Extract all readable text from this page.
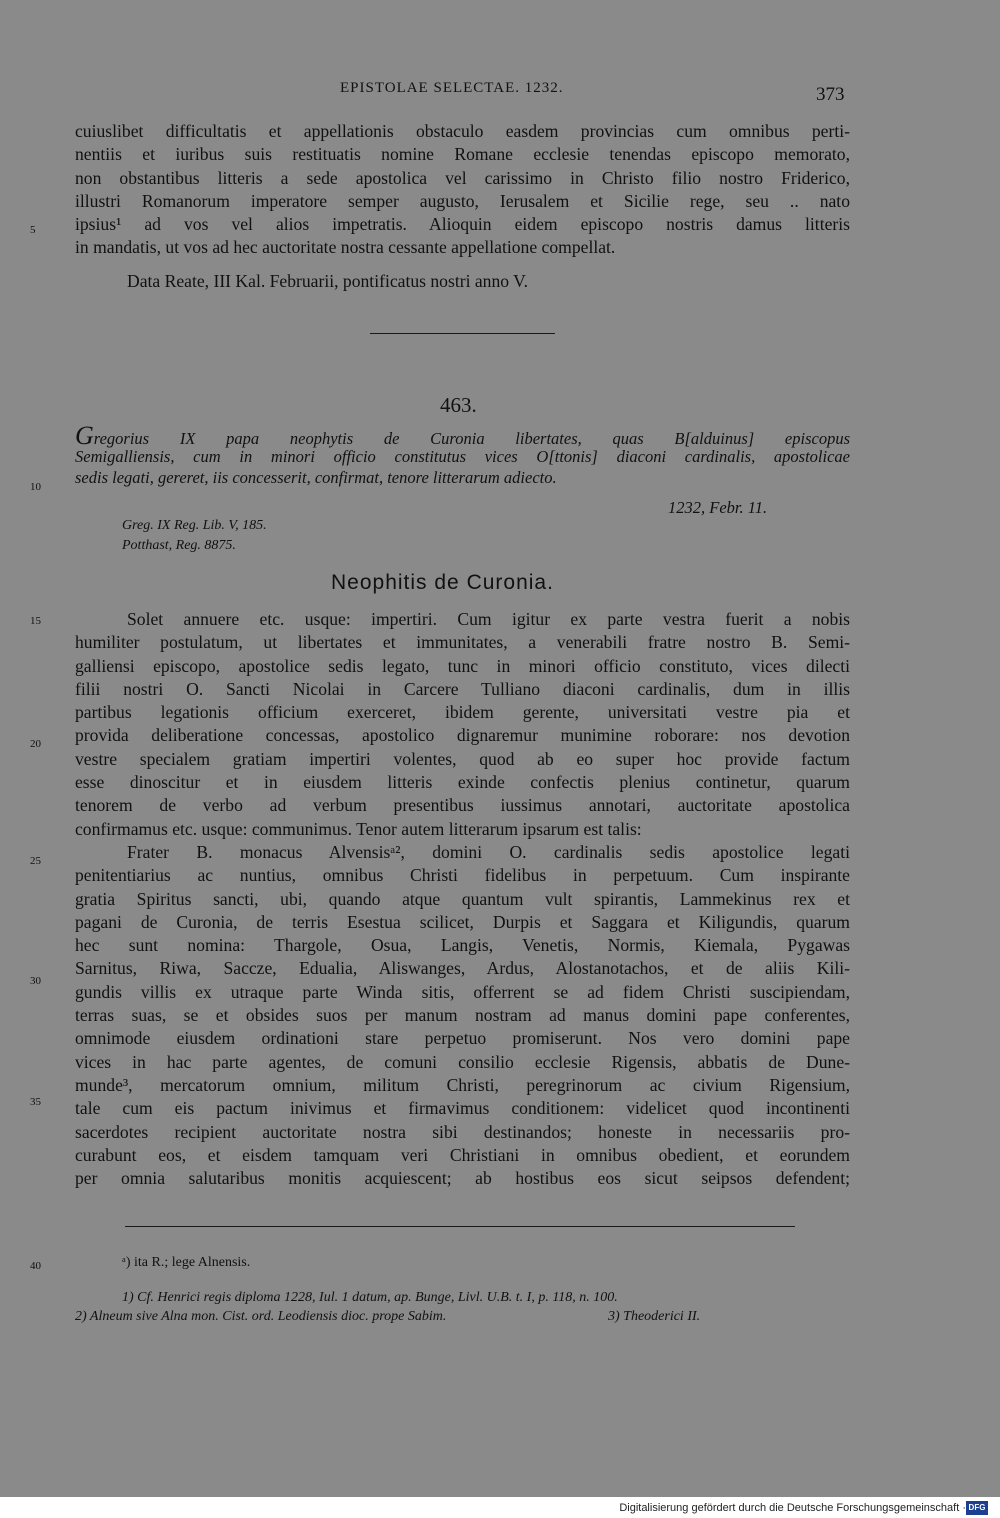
EPISTOLAE SELECTAE. 1232.	373
cuiuslibet difficultatis et appellationis obstaculo easdem provincias cum omnibus perti-
nentiis et iuribus suis restituatis nomine Romane ecclesie tenendas episcopo memorato,
non obstantibus litteris a sede apostolica vel carissimo in Christo filio nostro Friderico,
illustri Romanorum imperatore semper augusto, Ierusalem et Sicilie rege, seu .. nato
ipsius¹ ad vos vel alios impetratis. Alioquin eidem episcopo nostris damus litteris
in mandatis, ut vos ad hec auctoritate nostra cessante appellatione compellat.
Data Reate, III Kal. Februarii, pontificatus nostri anno V.
5
463.
Gregorius IX papa neophytis de Curonia libertates, quas B[alduinus] episcopus
Semigalliensis, cum in minori officio constitutus vices O[ttonis] diaconi cardinalis, apostolicae
sedis legati, gereret, iis concesserit, confirmat, tenore litterarum adiecto.
10
1232, Febr. 11.
Greg. IX Reg. Lib. V, 185.
Potthast, Reg. 8875.
Neophitis de Curonia.
Solet annuere etc. usque: impertiri. Cum igitur ex parte vestra fuerit a nobis
humiliter postulatum, ut libertates et immunitates, a venerabili fratre nostro B. Semi-
galliensi episcopo, apostolice sedis legato, tunc in minori officio constituto, vices dilecti
filii nostri O. Sancti Nicolai in Carcere Tulliano diaconi cardinalis, dum in illis
partibus legationis officium exerceret, ibidem gerente, universitati vestre pia et
provida deliberatione concessas, apostolico dignaremur munimine roborare: nos devotion
vestre specialem gratiam impertiri volentes, quod ab eo super hoc provide factum
esse dinoscitur et in eiusdem litteris exinde confectis plenius continetur, quarum
tenorem de verbo ad verbum presentibus iussimus annotari, auctoritate apostolica
confirmamus etc. usque: communimus. Tenor autem litterarum ipsarum est talis:
Frater B. monacus Alvensisᵃ², domini O. cardinalis sedis apostolice legati
penitentiarius ac nuntius, omnibus Christi fidelibus in perpetuum. Cum inspirante
gratia Spiritus sancti, ubi, quando atque quantum vult spirantis, Lammekinus rex et
pagani de Curonia, de terris Esestua scilicet, Durpis et Saggara et Kiligundis, quarum
hec sunt nomina: Thargole, Osua, Langis, Venetis, Normis, Kiemala, Pygawas
Sarnitus, Riwa, Saccze, Edualia, Aliswanges, Ardus, Alostanotachos, et de aliis Kili-
gundis villis ex utraque parte Winda sitis, offerrent se ad fidem Christi suscipiendam,
terras suas, se et obsides suos per manum nostram ad manus domini pape conferentes,
omnimode eiusdem ordinationi stare perpetuo promiserunt. Nos vero domini pape
vices in hac parte agentes, de comuni consilio ecclesie Rigensis, abbatis de Dune-
munde³, mercatorum omnium, militum Christi, peregrinorum ac civium Rigensium,
tale cum eis pactum inivimus et firmavimus conditionem: videlicet quod incontinenti
sacerdotes recipient auctoritate nostra sibi destinandos; honeste in necessariis pro-
curabunt eos, et eisdem tamquam veri Christiani in omnibus obedient, et eorundem
per omnia salutaribus monitis acquiescent; ab hostibus eos sicut seipsos defendent;
15
20
25
30
35
40	ᵃ) ita R.; lege Alnensis.
1) Cf. Henrici regis diploma 1228, Iul. 1 datum, ap. Bunge, Livl. U.B. t. I, p. 118, n. 100.
2) Alneum sive Alna mon. Cist. ord. Leodiensis dioc. prope Sabim.	3) Theoderici II.
Digitalisierung gefördert durch die Deutsche Forschungsgemeinschaft · DFG
